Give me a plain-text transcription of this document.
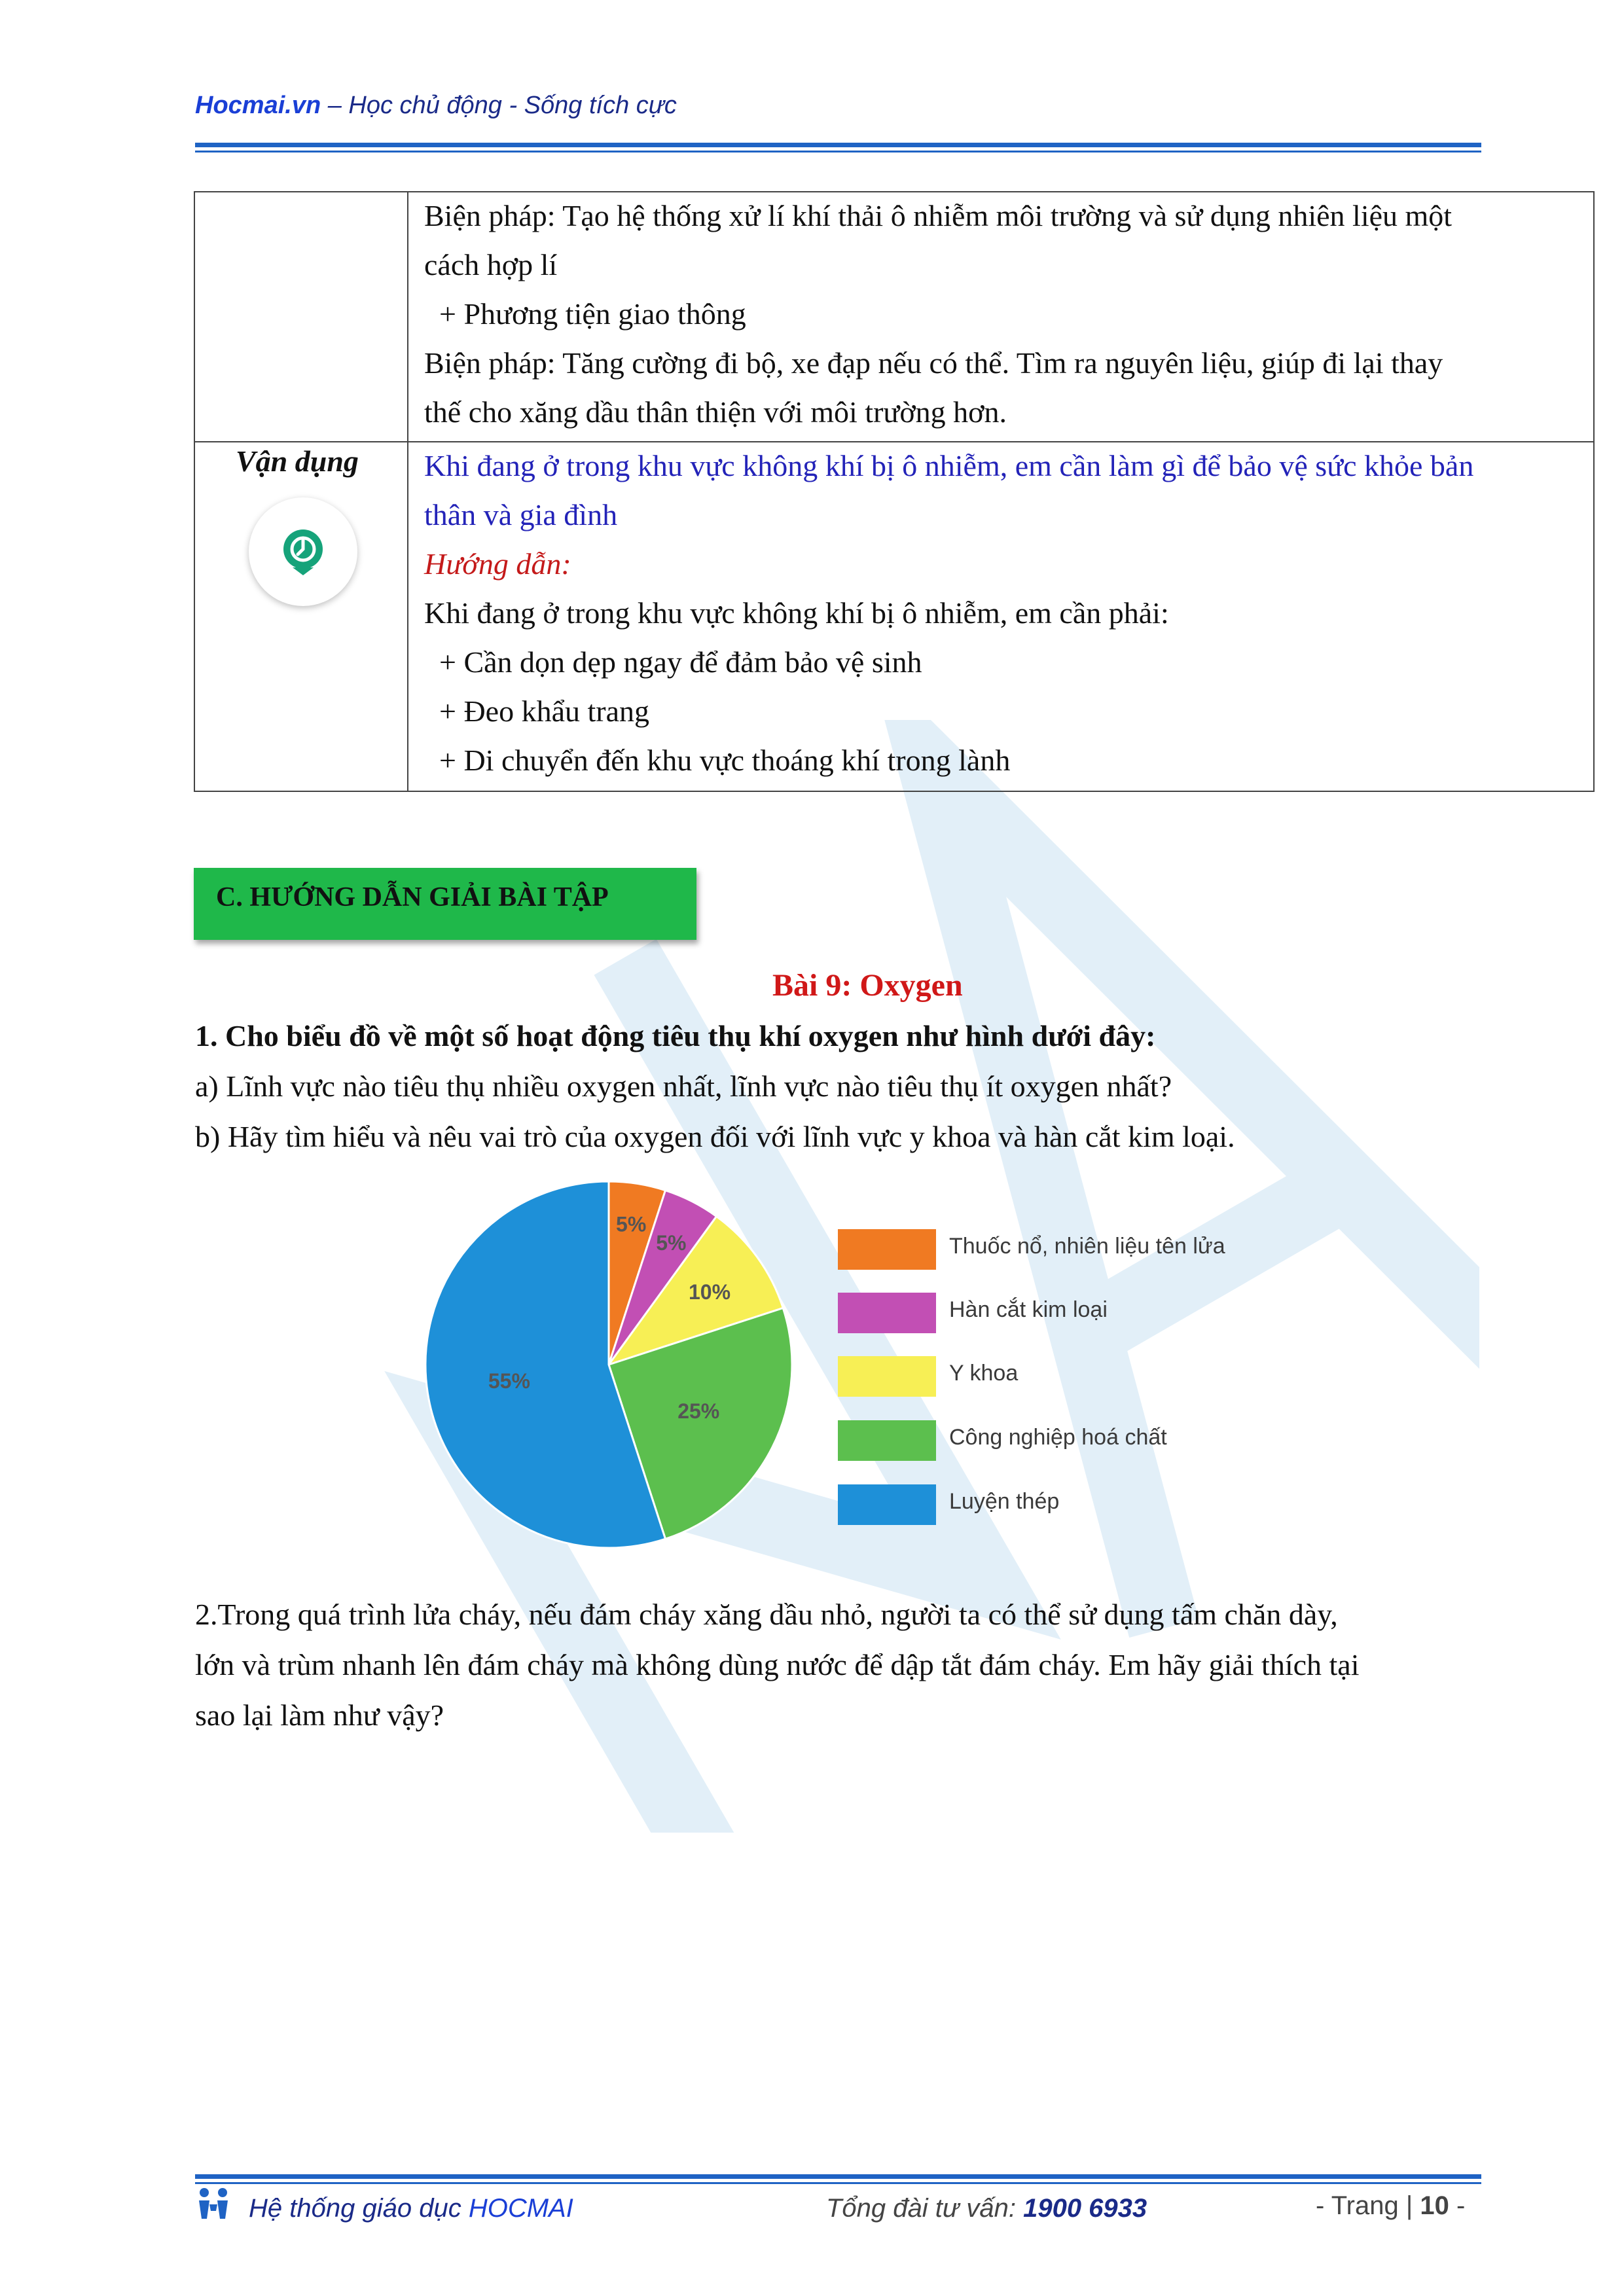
Hocmai.vn – Học chủ động - Sống tích cực
Biện pháp: Tạo hệ thống xử lí khí thải ô nhiễm môi trường và sử dụng nhiên liệu một
cách hợp lí
+ Phương tiện giao thông
Biện pháp: Tăng cường đi bộ, xe đạp nếu có thể. Tìm ra nguyên liệu, giúp đi lại thay
thế cho xăng dầu thân thiện với môi trường hơn.
Vận dụng Khi đang ở trong khu vực không khí bị ô nhiễm, em cần làm gì để bảo vệ sức khỏe bản
thân và gia đình
Hướng dẫn:
Khi đang ở trong khu vực không khí bị ô nhiễm, em cần phải:
+ Cần dọn dẹp ngay để đảm bảo vệ sinh
+ Đeo khẩu trang
+ Di chuyển đến khu vực thoáng khí trong lành
C. HƯỚNG DẪN GIẢI BÀI TẬP
Bài 9: Oxygen
1. Cho biểu đồ về một số hoạt động tiêu thụ khí oxygen như hình dưới đây:
a) Lĩnh vực nào tiêu thụ nhiều oxygen nhất, lĩnh vực nào tiêu thụ ít oxygen nhất?
b) Hãy tìm hiểu và nêu vai trò của oxygen đối với lĩnh vực y khoa và hàn cắt kim loại.
5%
5%
10%
25%
55%
Thuốc nổ, nhiên liệu tên lửa
Hàn cắt kim loại
Y khoa
Công nghiệp hoá chất
Luyện thép
2.Trong quá trình lửa cháy, nếu đám cháy xăng dầu nhỏ, người ta có thể sử dụng tấm chăn dày,
lớn và trùm nhanh lên đám cháy mà không dùng nước để dập tắt đám cháy. Em hãy giải thích tại
sao lại làm như vậy?
Hệ thống giáo dục HOCMAI	Tổng đài tư vấn: 1900 6933	- Trang | 10 -
